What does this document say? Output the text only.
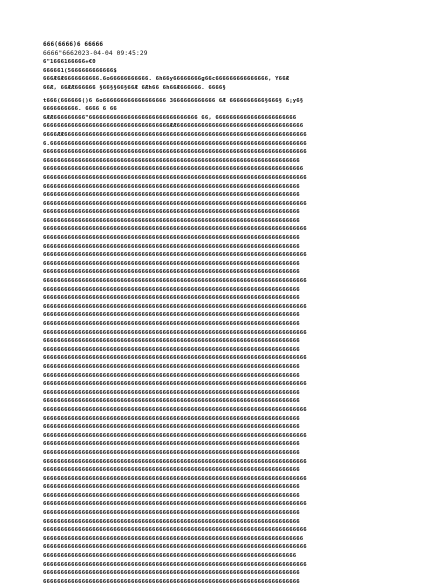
666(6666)6 66666
6666"6662023-04-04 09:45:29
6"1666166666+€0
666661(5666666666666$
666Æ6Æ6666666666.6o66666666666. 6h66y66666666g66c666666666666666, Y66Æ
66Æ, 66ÆÆ666666 §66§§66§66Æ 6Æh66 6h66Æ666666. 6666§
t666(666666()6 6o666666666666666666 3666666666666 6Æ 6666666666§666§ 6¡y6§
6666666666. 6666 6 66
6ÆÆ666666666"6666666666666666666666666666666 66, 66666666666666666666666
666666666666666666666666666666666666ÆÆ666666666666666666666666666666666666
6666ÆÆ666666666666666666666666666666666666666666666666666666666666666666666
6.6666666666666666666666666666666666666666666666666666666666666666666666666
666666666666666666666666666666666666666666666666666666666666666666666666666
6666666666666666666666666666666666666666666666666666666666666666666666666
66666666666666666666666666666666666666666666666666666666666666666666666666
666666666666666666666666666666666666666666666666666666666666666666666666666
6666666666666666666666666666666666666666666666666666666666666666666666666
6666666666666666666666666666666666666666666666666666666666666666666666666
666666666666666666666666666666666666666666666666666666666666666666666666666
6666666666666666666666666666666666666666666666666666666666666666666666666
6666666666666666666666666666666666666666666666666666666666666666666666666
666666666666666666666666666666666666666666666666666666666666666666666666666
6666666666666666666666666666666666666666666666666666666666666666666666666
6666666666666666666666666666666666666666666666666666666666666666666666666
666666666666666666666666666666666666666666666666666666666666666666666666666
6666666666666666666666666666666666666666666666666666666666666666666666666
6666666666666666666666666666666666666666666666666666666666666666666666666
666666666666666666666666666666666666666666666666666666666666666666666666666
6666666666666666666666666666666666666666666666666666666666666666666666666
6666666666666666666666666666666666666666666666666666666666666666666666666
666666666666666666666666666666666666666666666666666666666666666666666666666
6666666666666666666666666666666666666666666666666666666666666666666666666
6666666666666666666666666666666666666666666666666666666666666666666666666
666666666666666666666666666666666666666666666666666666666666666666666666666
6666666666666666666666666666666666666666666666666666666666666666666666666
6666666666666666666666666666666666666666666666666666666666666666666666666
666666666666666666666666666666666666666666666666666666666666666666666666666
6666666666666666666666666666666666666666666666666666666666666666666666666
6666666666666666666666666666666666666666666666666666666666666666666666666
666666666666666666666666666666666666666666666666666666666666666666666666666
6666666666666666666666666666666666666666666666666666666666666666666666666
6666666666666666666666666666666666666666666666666666666666666666666666666
666666666666666666666666666666666666666666666666666666666666666666666666666
6666666666666666666666666666666666666666666666666666666666666666666666666
6666666666666666666666666666666666666666666666666666666666666666666666666
666666666666666666666666666666666666666666666666666666666666666666666666666
6666666666666666666666666666666666666666666666666666666666666666666666666
6666666666666666666666666666666666666666666666666666666666666666666666666
666666666666666666666666666666666666666666666666666666666666666666666666666
6666666666666666666666666666666666666666666666666666666666666666666666666
666666666666666666666666666666666666666666666666666666666666666666666666666
6666666666666666666666666666666666666666666666666666666666666666666666666
6666666666666666666666666666666666666666666666666666666666666666666666666
666666666666666666666666666666666666666666666666666666666666666666666666666
6666666666666666666666666666666666666666666666666666666666666666666666666
6666666666666666666666666666666666666666666666666666666666666666666666666
666666666666666666666666666666666666666666666666666666666666666666666666666
66666666666666666666666666666666666666666666666666666666666666666666666666
666666666666666666666666666666666666666666666666666666666666666666666666666
666666666666666666666666666666666666666666666666666666666666666666666666
666666666666666666666666666666666666666666666666666666666666666666666666666
6666666666666666666666666666666666666666666666666666666666666666666666666
6666666666666666666666666666666666666666666666666666666666666666666666666
